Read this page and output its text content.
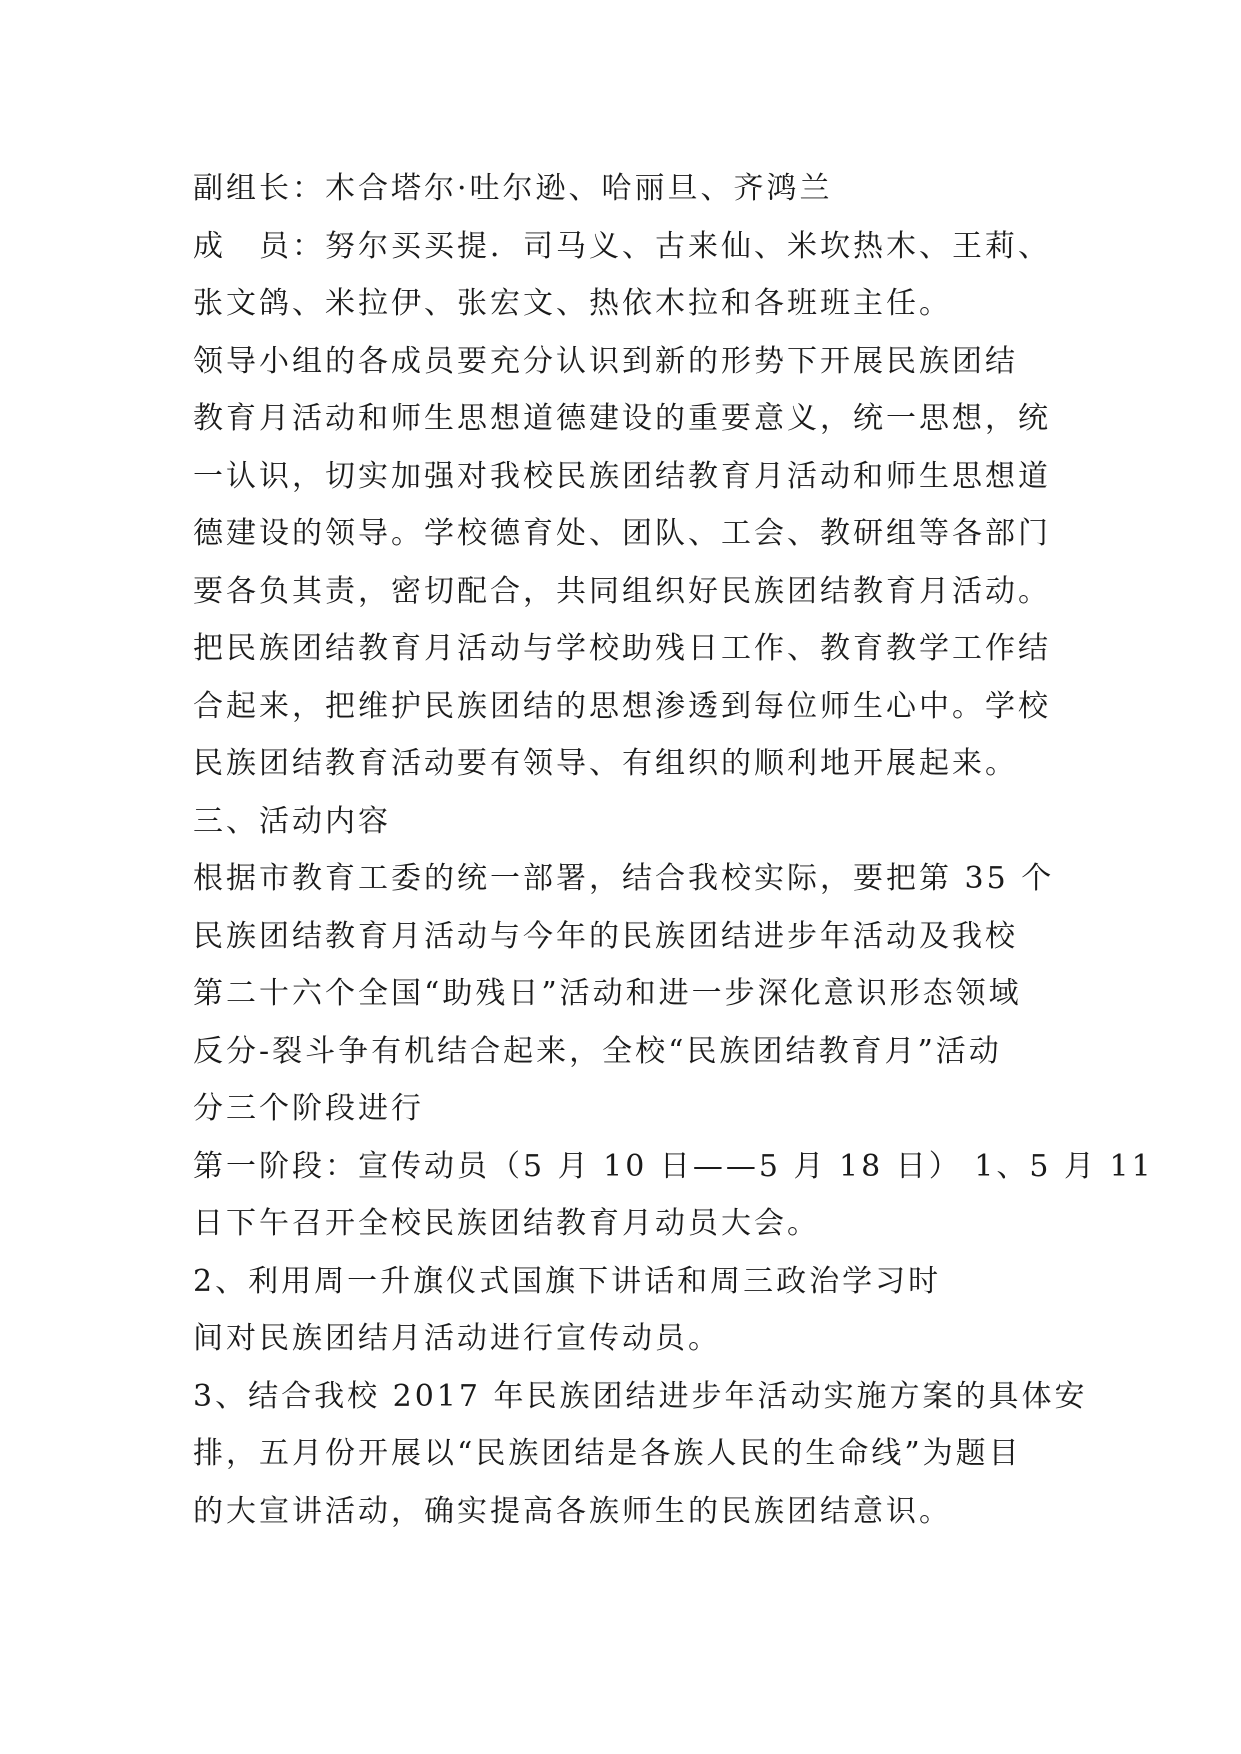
副组长：木合塔尔·吐尔逊、哈丽旦、齐鸿兰
成　员：努尔买买提．司马义、古来仙、米坎热木、王莉、
张文鸽、米拉伊、张宏文、热依木拉和各班班主任。
领导小组的各成员要充分认识到新的形势下开展民族团结
教育月活动和师生思想道德建设的重要意义，统一思想，统
一认识，切实加强对我校民族团结教育月活动和师生思想道
德建设的领导。学校德育处、团队、工会、教研组等各部门
要各负其责，密切配合，共同组织好民族团结教育月活动。
把民族团结教育月活动与学校助残日工作、教育教学工作结
合起来，把维护民族团结的思想渗透到每位师生心中。学校
民族团结教育活动要有领导、有组织的顺利地开展起来。
三、活动内容
根据市教育工委的统一部署，结合我校实际，要把第 35 个
民族团结教育月活动与今年的民族团结进步年活动及我校
第二十六个全国“助残日”活动和进一步深化意识形态领域
反分-裂斗争有机结合起来，全校“民族团结教育月”活动
分三个阶段进行
第一阶段：宣传动员（5 月 10 日——5 月 18 日） 1、5 月 11
日下午召开全校民族团结教育月动员大会。
2、利用周一升旗仪式国旗下讲话和周三政治学习时
间对民族团结月活动进行宣传动员。
3、结合我校 2017 年民族团结进步年活动实施方案的具体安
排，五月份开展以“民族团结是各族人民的生命线”为题目
的大宣讲活动，确实提高各族师生的民族团结意识。
